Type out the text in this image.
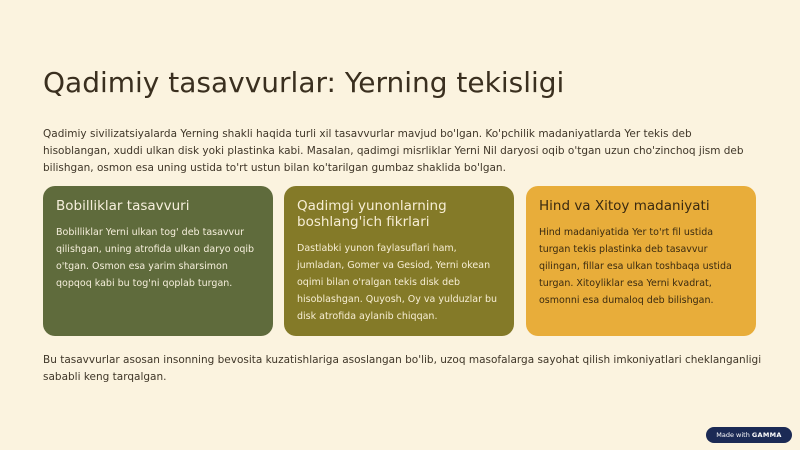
Qadimiy tasavvurlar: Yerning tekisligi

Qadimiy sivilizatsiyalarda Yerning shakli haqida turli xil tasavvurlar mavjud bo'lgan. Ko'pchilik madaniyatlarda Yer tekis deb hisoblangan, xuddi ulkan disk yoki plastinka kabi. Masalan, qadimgi misrliklar Yerni Nil daryosi oqib o'tgan uzun cho'zinchoq jism deb bilishgan, osmon esa uning ustida to'rt ustun bilan ko'tarilgan gumbaz shaklida bo'lgan.

Bobilliklar tasavvuri

Bobilliklar Yerni ulkan tog' deb tasavvur qilishgan, uning atrofida ulkan daryo oqib o'tgan. Osmon esa yarim sharsimon qopqoq kabi bu tog'ni qoplab turgan.

Qadimgi yunonlarning boshlang'ich fikrlari

Dastlabki yunon faylasuflari ham, jumladan, Gomer va Gesiod, Yerni okean oqimi bilan o'ralgan tekis disk deb hisoblashgan. Quyosh, Oy va yulduzlar bu disk atrofida aylanib chiqqan.

Hind va Xitoy madaniyati

Hind madaniyatida Yer to'rt fil ustida turgan tekis plastinka deb tasavvur qilingan, fillar esa ulkan toshbaqa ustida turgan. Xitoyliklar esa Yerni kvadrat, osmonni esa dumaloq deb bilishgan.

Bu tasavvurlar asosan insonning bevosita kuzatishlariga asoslangan bo'lib, uzoq masofalarga sayohat qilish imkoniyatlari cheklanganligi sababli keng tarqalgan.

Made with GAMMA
